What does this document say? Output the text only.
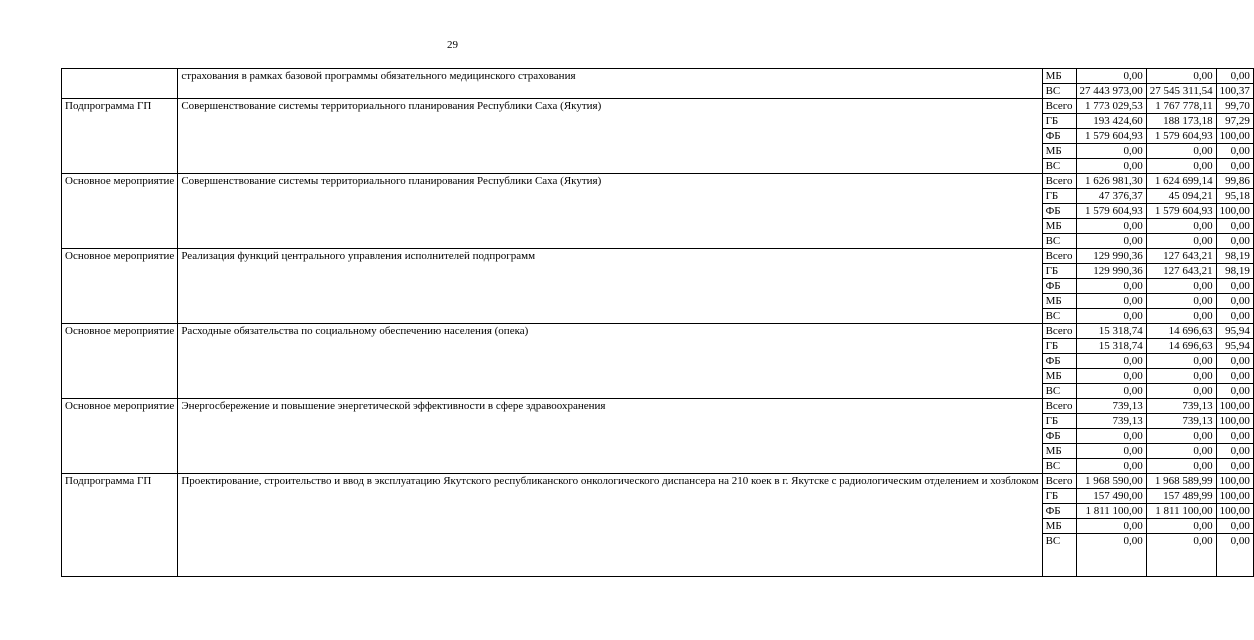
29
	страхования в рамках базовой программы обязательного медицинского страхования	МБ	0,00	0,00	0,00
		ВС	27 443 973,00	27 545 311,54	100,37
Подпрограмма ГП	Совершенствование системы территориального планирования Республики Саха (Якутия)	Всего	1 773 029,53	1 767 778,11	99,70
		ГБ	193 424,60	188 173,18	97,29
		ФБ	1 579 604,93	1 579 604,93	100,00
		МБ	0,00	0,00	0,00
		ВС	0,00	0,00	0,00
Основное мероприятие	Совершенствование системы территориального планирования Республики Саха (Якутия)	Всего	1 626 981,30	1 624 699,14	99,86
		ГБ	47 376,37	45 094,21	95,18
		ФБ	1 579 604,93	1 579 604,93	100,00
		МБ	0,00	0,00	0,00
		ВС	0,00	0,00	0,00
Основное мероприятие	Реализация функций центрального управления исполнителей подпрограмм	Всего	129 990,36	127 643,21	98,19
		ГБ	129 990,36	127 643,21	98,19
		ФБ	0,00	0,00	0,00
		МБ	0,00	0,00	0,00
		ВС	0,00	0,00	0,00
Основное мероприятие	Расходные обязательства по социальному обеспечению населения (опека)	Всего	15 318,74	14 696,63	95,94
		ГБ	15 318,74	14 696,63	95,94
		ФБ	0,00	0,00	0,00
		МБ	0,00	0,00	0,00
		ВС	0,00	0,00	0,00
Основное мероприятие	Энергосбережение и повышение энергетической эффективности в сфере здравоохранения	Всего	739,13	739,13	100,00
		ГБ	739,13	739,13	100,00
		ФБ	0,00	0,00	0,00
		МБ	0,00	0,00	0,00
		ВС	0,00	0,00	0,00
Подпрограмма ГП	Проектирование, строительство и ввод в эксплуатацию Якутского республиканского онкологического диспансера на 210 коек в г. Якутске с радиологическим отделением и хозблоком	Всего	1 968 590,00	1 968 589,99	100,00
		ГБ	157 490,00	157 489,99	100,00
		ФБ	1 811 100,00	1 811 100,00	100,00
		МБ	0,00	0,00	0,00
		ВС	0,00	0,00	0,00
